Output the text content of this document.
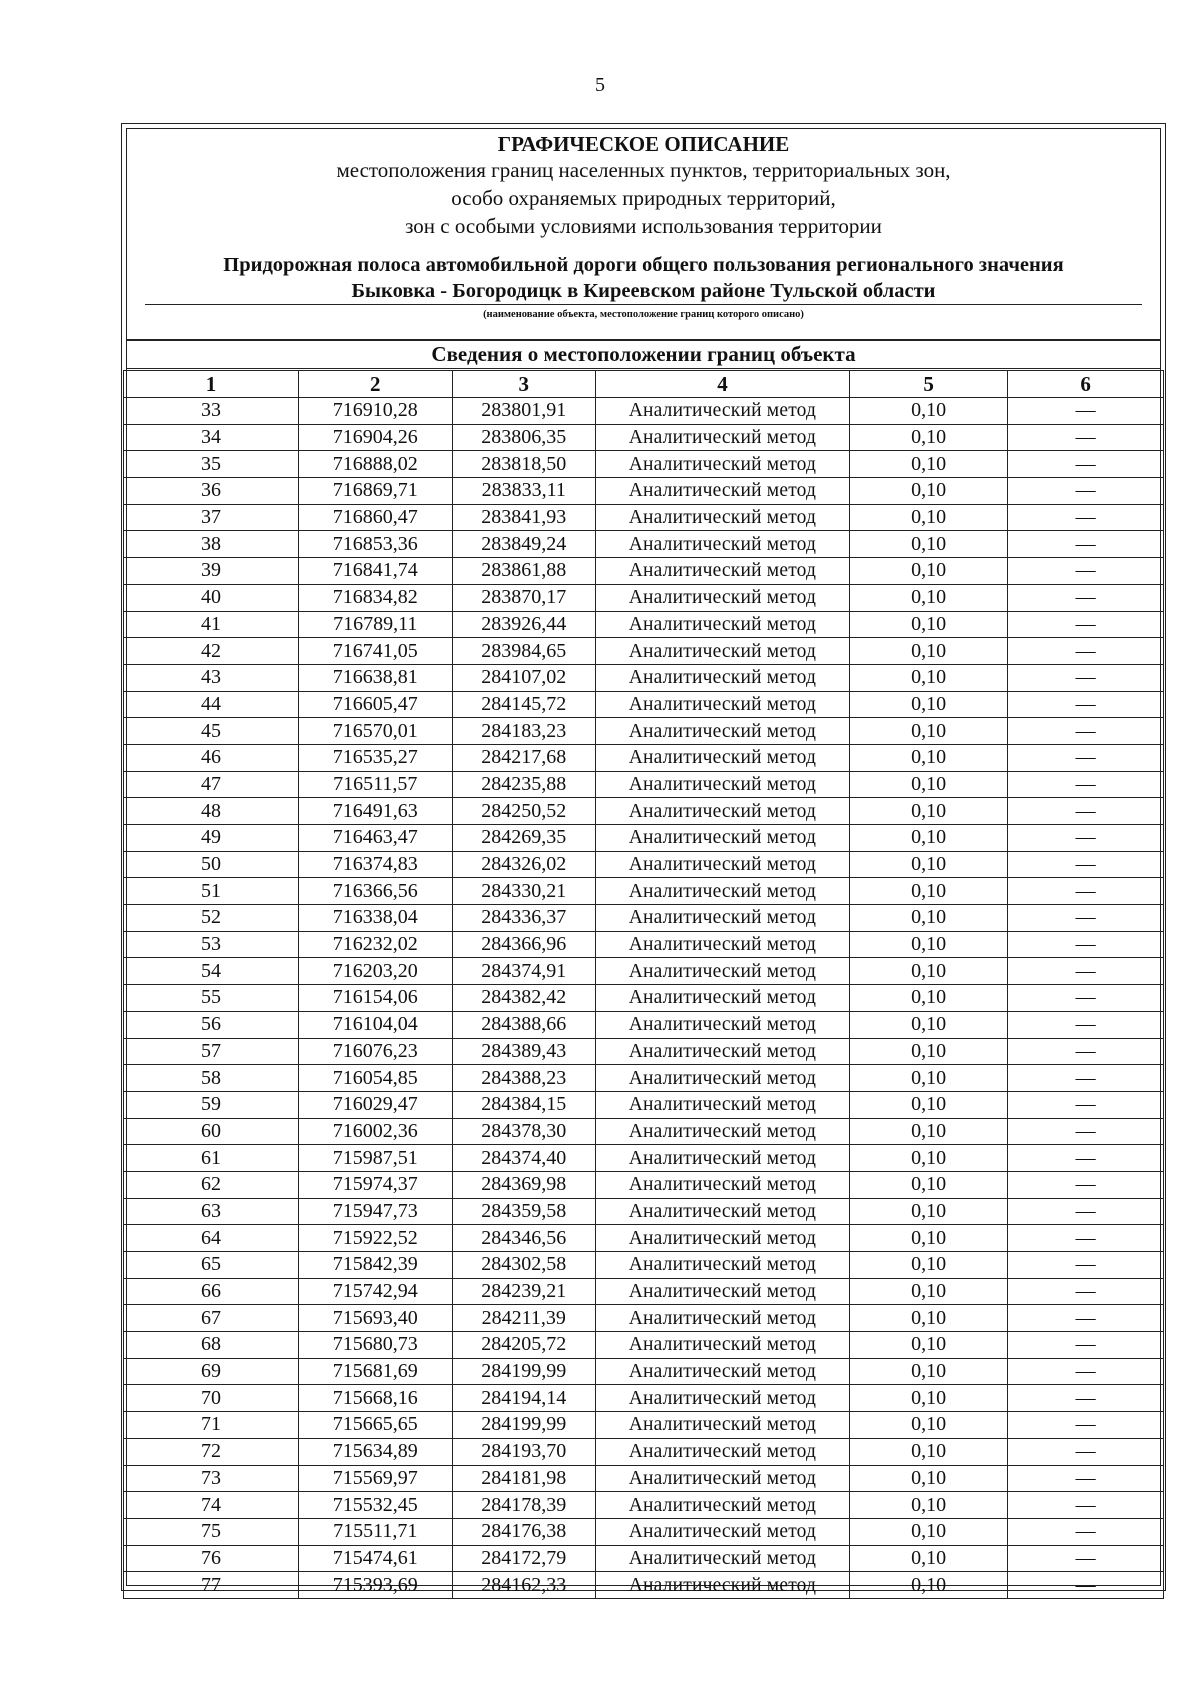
5
ГРАФИЧЕСКОЕ ОПИСАНИЕ
местоположения границ населенных пунктов, территориальных зон,
особо охраняемых природных территорий,
зон с особыми условиями использования территории
Придорожная полоса автомобильной дороги общего пользования регионального значения
Быковка - Богородицк в Киреевском районе Тульской области
(наименование объекта, местоположение границ которого описано)
Сведения о местоположении границ объекта
1	2	3	4	5	6
33	716910,28	283801,91	Аналитический метод	0,10	—
34	716904,26	283806,35	Аналитический метод	0,10	—
35	716888,02	283818,50	Аналитический метод	0,10	—
36	716869,71	283833,11	Аналитический метод	0,10	—
37	716860,47	283841,93	Аналитический метод	0,10	—
38	716853,36	283849,24	Аналитический метод	0,10	—
39	716841,74	283861,88	Аналитический метод	0,10	—
40	716834,82	283870,17	Аналитический метод	0,10	—
41	716789,11	283926,44	Аналитический метод	0,10	—
42	716741,05	283984,65	Аналитический метод	0,10	—
43	716638,81	284107,02	Аналитический метод	0,10	—
44	716605,47	284145,72	Аналитический метод	0,10	—
45	716570,01	284183,23	Аналитический метод	0,10	—
46	716535,27	284217,68	Аналитический метод	0,10	—
47	716511,57	284235,88	Аналитический метод	0,10	—
48	716491,63	284250,52	Аналитический метод	0,10	—
49	716463,47	284269,35	Аналитический метод	0,10	—
50	716374,83	284326,02	Аналитический метод	0,10	—
51	716366,56	284330,21	Аналитический метод	0,10	—
52	716338,04	284336,37	Аналитический метод	0,10	—
53	716232,02	284366,96	Аналитический метод	0,10	—
54	716203,20	284374,91	Аналитический метод	0,10	—
55	716154,06	284382,42	Аналитический метод	0,10	—
56	716104,04	284388,66	Аналитический метод	0,10	—
57	716076,23	284389,43	Аналитический метод	0,10	—
58	716054,85	284388,23	Аналитический метод	0,10	—
59	716029,47	284384,15	Аналитический метод	0,10	—
60	716002,36	284378,30	Аналитический метод	0,10	—
61	715987,51	284374,40	Аналитический метод	0,10	—
62	715974,37	284369,98	Аналитический метод	0,10	—
63	715947,73	284359,58	Аналитический метод	0,10	—
64	715922,52	284346,56	Аналитический метод	0,10	—
65	715842,39	284302,58	Аналитический метод	0,10	—
66	715742,94	284239,21	Аналитический метод	0,10	—
67	715693,40	284211,39	Аналитический метод	0,10	—
68	715680,73	284205,72	Аналитический метод	0,10	—
69	715681,69	284199,99	Аналитический метод	0,10	—
70	715668,16	284194,14	Аналитический метод	0,10	—
71	715665,65	284199,99	Аналитический метод	0,10	—
72	715634,89	284193,70	Аналитический метод	0,10	—
73	715569,97	284181,98	Аналитический метод	0,10	—
74	715532,45	284178,39	Аналитический метод	0,10	—
75	715511,71	284176,38	Аналитический метод	0,10	—
76	715474,61	284172,79	Аналитический метод	0,10	—
77	715393,69	284162,33	Аналитический метод	0,10	—
